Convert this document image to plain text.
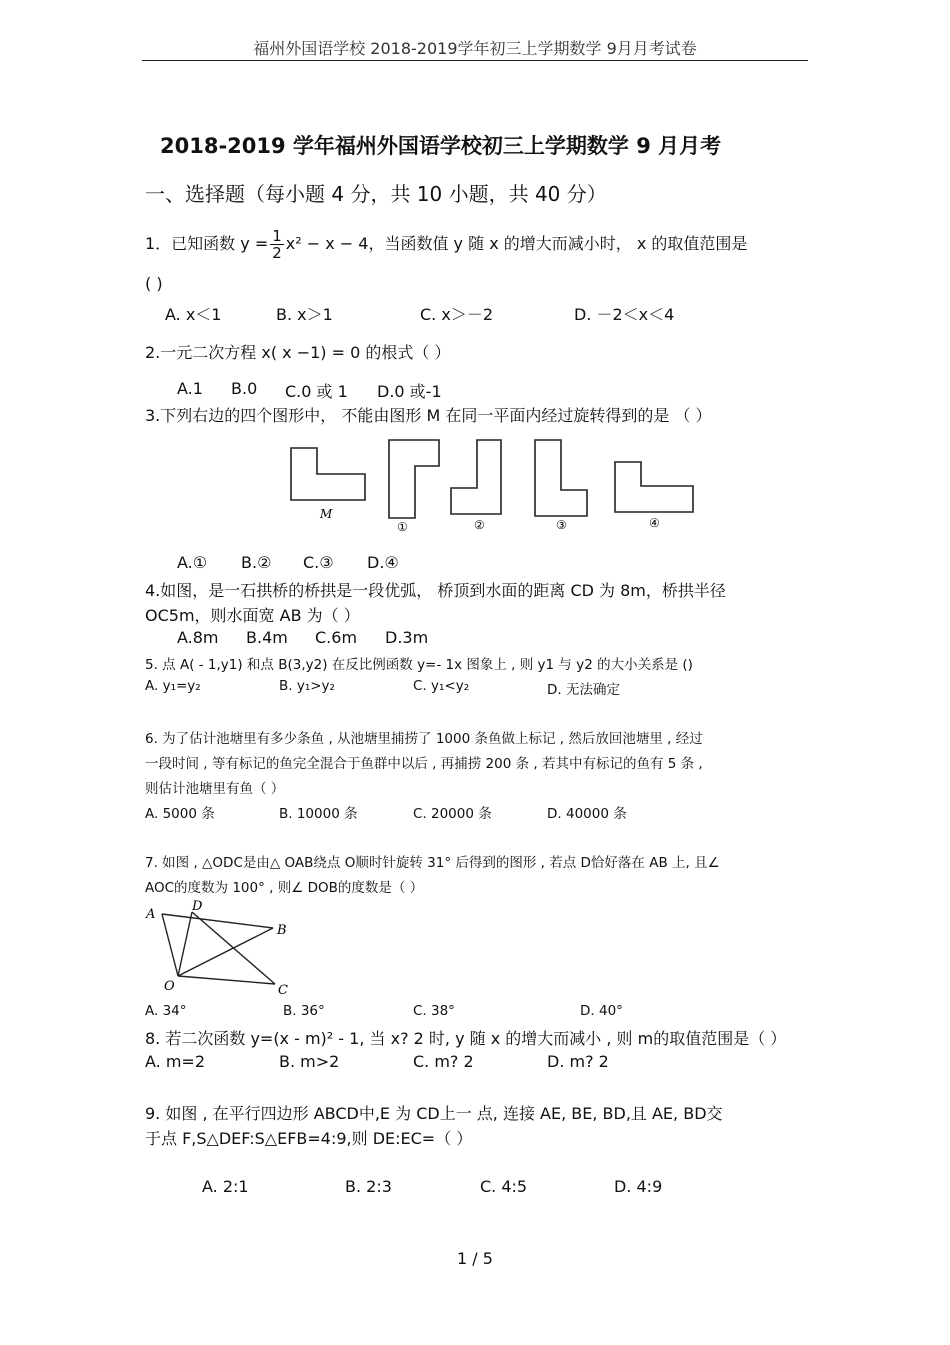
福州外国语学校 2018-2019学年初三上学期数学 9月月考试卷
2018-2019 学年福州外国语学校初三上学期数学 9 月月考
一、选择题（每小题 4 分，共 10 小题，共 40 分）
1．已知函数 $y = \frac{1}{2} x^2 - x - 4$，当函数值 y 随 x 的增大而减小时， x 的取值范围是
( )
A. x＜1	B. x＞1	C. x＞－2	D. －2＜x＜4
2.一元二次方程 x( x −1) = 0 的根式（ ）
A.1 B.0 C.0 或 1 D.0 或-1
3.下列右边的四个图形中， 不能由图形 M 在同一平面内经过旋转得到的是 （ ）
M
①	②	③	④
A.① B.② C.③ D.④
4.如图，是一石拱桥的桥拱是一段优弧， 桥顶到水面的距离 CD 为 8m，桥拱半径
OC5m，则水面宽 AB 为（ ）
A.8m B.4m C.6m D.3m
5. 点 A( - 1,y1) 和点 B(3,y2) 在反比例函数 y=- 1x 图象上 , 则 y1 与 y2 的大小关系是 ()
A. y₁=y₂	B. y₁>y₂	C. y₁<y₂	D. 无法确定
6. 为了估计池塘里有多少条鱼 , 从池塘里捕捞了 1000 条鱼做上标记 , 然后放回池塘里 , 经过
一段时间 , 等有标记的鱼完全混合于鱼群中以后 , 再捕捞 200 条 , 若其中有标记的鱼有 5 条 ,
则估计池塘里有鱼（ ）
A. 5000 条	B. 10000 条	C. 20000 条	D. 40000 条
7. 如图 , △ODC是由△ OAB绕点 O顺时针旋转 31° 后得到的图形 , 若点 D恰好落在 AB 上, 且∠
AOC的度数为 100° , 则∠ DOB的度数是（ ）
A
D
B
O	C
A. 34°	B. 36°	C. 38°	D. 40°
8. 若二次函数 y=(x - m)² - 1, 当 x? 2 时, y 随 x 的增大而减小 , 则 m的取值范围是（ ）
A. m=2	B. m>2	C. m? 2	D. m? 2
9. 如图 , 在平行四边形 ABCD中,E 为 CD上一 点, 连接 AE, BE, BD,且 AE, BD交
于点 F,S△DEF:S△EFB=4:9,则 DE:EC=（ ）
A. 2:1	B. 2:3	C. 4:5	D. 4:9
1 / 5
